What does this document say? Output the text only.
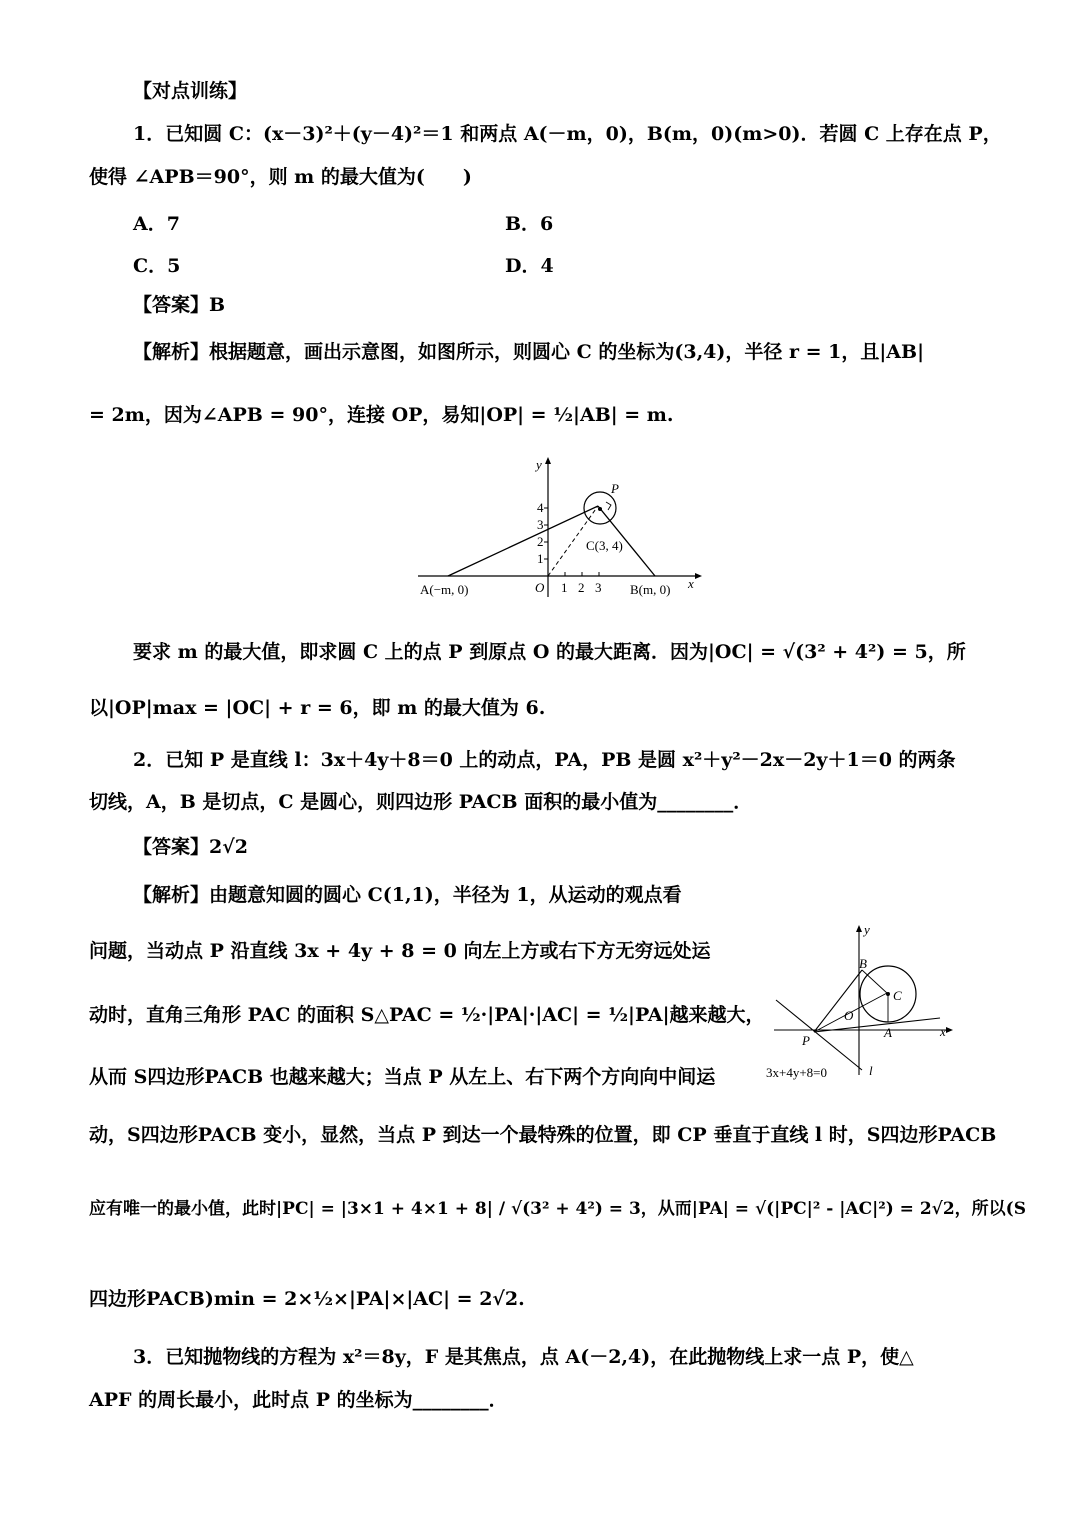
【对点训练】
1．已知圆 C：(x－3)²＋(y－4)²＝1 和两点 A(－m，0)，B(m，0)(m>0)．若圆 C 上存在点 P，
使得 ∠APB＝90°，则 m 的最大值为(　　)
A．7	B．6
C．5	D．4
【答案】B
【解析】根据题意，画出示意图，如图所示，则圆心 C 的坐标为(3,4)，半径 r = 1，且|AB|
= 2m，因为∠APB = 90°，连接 OP，易知|OP| = ½|AB| = m.
y
x
O
P
C(3, 4)
A(−m, 0)	B(m, 0)
1
2
3
4
1 2 3
要求 m 的最大值，即求圆 C 上的点 P 到原点 O 的最大距离．因为|OC| = √(3² + 4²) = 5，所
以|OP|max = |OC| + r = 6，即 m 的最大值为 6.
2．已知 P 是直线 l：3x＋4y＋8＝0 上的动点，PA，PB 是圆 x²＋y²－2x－2y＋1＝0 的两条
切线，A，B 是切点，C 是圆心，则四边形 PACB 面积的最小值为________．
【答案】2√2
【解析】由题意知圆的圆心 C(1,1)，半径为 1，从运动的观点看
问题，当动点 P 沿直线 3x + 4y + 8 = 0 向左上方或右下方无穷远处运
动时，直角三角形 PAC 的面积 S△PAC = ½·|PA|·|AC| = ½|PA|越来越大，
y
x
O
B
C
A
P
l
3x+4y+8=0
从而 S四边形PACB 也越来越大；当点 P 从左上、右下两个方向向中间运
动，S四边形PACB 变小，显然，当点 P 到达一个最特殊的位置，即 CP 垂直于直线 l 时，S四边形PACB
应有唯一的最小值，此时|PC| = |3×1 + 4×1 + 8| / √(3² + 4²) = 3，从而|PA| = √(|PC|² - |AC|²) = 2√2，所以(S
四边形PACB)min = 2×½×|PA|×|AC| = 2√2.
3．已知抛物线的方程为 x²＝8y，F 是其焦点，点 A(－2,4)，在此抛物线上求一点 P，使△
APF 的周长最小，此时点 P 的坐标为________．
